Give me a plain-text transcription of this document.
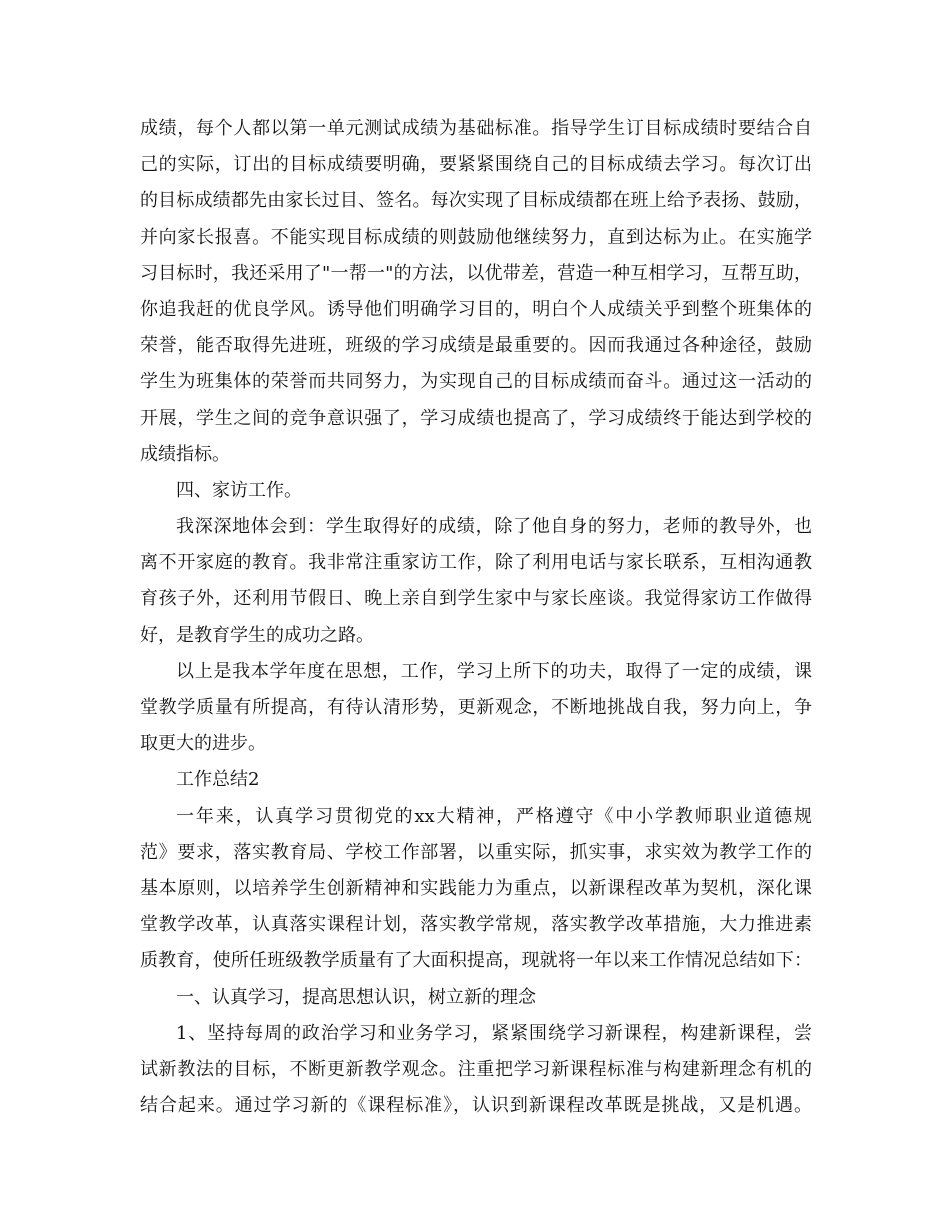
成绩，每个人都以第一单元测试成绩为基础标准。指导学生订目标成绩时要结合自
己的实际，订出的目标成绩要明确，要紧紧围绕自己的目标成绩去学习。每次订出
的目标成绩都先由家长过目、签名。每次实现了目标成绩都在班上给予表扬、鼓励，
并向家长报喜。不能实现目标成绩的则鼓励他继续努力，直到达标为止。在实施学
习目标时，我还采用了"一帮一"的方法，以优带差，营造一种互相学习，互帮互助，
你追我赶的优良学风。诱导他们明确学习目的，明白个人成绩关乎到整个班集体的
荣誉，能否取得先进班，班级的学习成绩是最重要的。因而我通过各种途径，鼓励
学生为班集体的荣誉而共同努力，为实现自己的目标成绩而奋斗。通过这一活动的
开展，学生之间的竞争意识强了，学习成绩也提高了，学习成绩终于能达到学校的
成绩指标。
四、家访工作。
我深深地体会到：学生取得好的成绩，除了他自身的努力，老师的教导外，也
离不开家庭的教育。我非常注重家访工作，除了利用电话与家长联系，互相沟通教
育孩子外，还利用节假日、晚上亲自到学生家中与家长座谈。我觉得家访工作做得
好，是教育学生的成功之路。
以上是我本学年度在思想，工作，学习上所下的功夫，取得了一定的成绩，课
堂教学质量有所提高，有待认清形势，更新观念，不断地挑战自我，努力向上，争
取更大的进步。
工作总结2
一年来，认真学习贯彻党的xx大精神，严格遵守《中小学教师职业道德规
范》要求，落实教育局、学校工作部署，以重实际，抓实事，求实效为教学工作的
基本原则，以培养学生创新精神和实践能力为重点，以新课程改革为契机，深化课
堂教学改革，认真落实课程计划，落实教学常规，落实教学改革措施，大力推进素
质教育，使所任班级教学质量有了大面积提高，现就将一年以来工作情况总结如下：
一、认真学习，提高思想认识，树立新的理念
1、坚持每周的政治学习和业务学习，紧紧围绕学习新课程，构建新课程，尝
试新教法的目标，不断更新教学观念。注重把学习新课程标准与构建新理念有机的
结合起来。通过学习新的《课程标准》，认识到新课程改革既是挑战，又是机遇。
